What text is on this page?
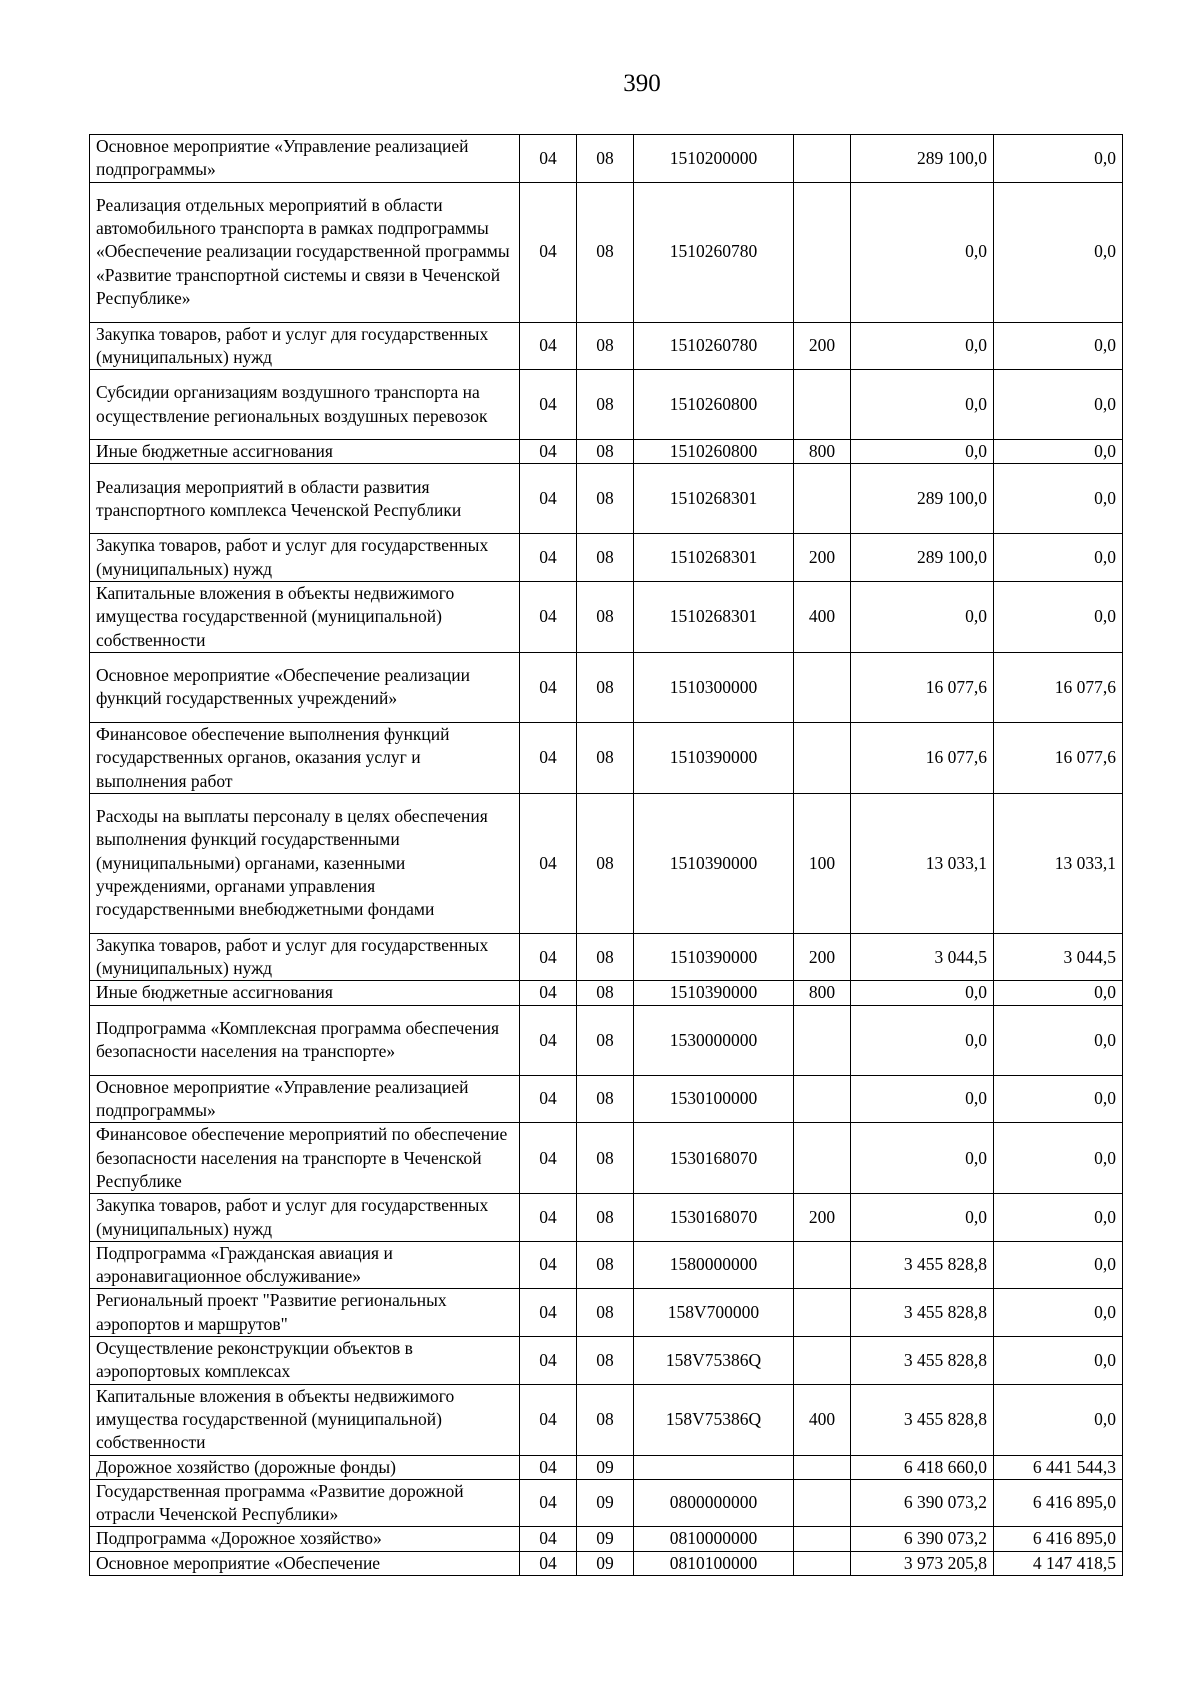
390
Основное мероприятие «Управление реализацией подпрограммы»	04	08	1510200000		289 100,0	0,0
Реализация отдельных мероприятий в области автомобильного транспорта в рамках подпрограммы «Обеспечение реализации государственной программы «Развитие транспортной системы и связи в Чеченской Республике»	04	08	1510260780		0,0	0,0
Закупка товаров, работ и услуг для государственных (муниципальных) нужд	04	08	1510260780	200	0,0	0,0
Субсидии организациям воздушного транспорта на осуществление региональных воздушных перевозок	04	08	1510260800		0,0	0,0
Иные бюджетные ассигнования	04	08	1510260800	800	0,0	0,0
Реализация мероприятий в области развития транспортного комплекса Чеченской Республики	04	08	1510268301		289 100,0	0,0
Закупка товаров, работ и услуг для государственных (муниципальных) нужд	04	08	1510268301	200	289 100,0	0,0
Капитальные вложения в объекты недвижимого имущества государственной (муниципальной) собственности	04	08	1510268301	400	0,0	0,0
Основное мероприятие «Обеспечение реализации функций государственных учреждений»	04	08	1510300000		16 077,6	16 077,6
Финансовое обеспечение выполнения функций государственных органов, оказания услуг и выполнения работ	04	08	1510390000		16 077,6	16 077,6
Расходы на выплаты персоналу в целях обеспечения выполнения функций государственными (муниципальными) органами, казенными учреждениями, органами управления государственными внебюджетными фондами	04	08	1510390000	100	13 033,1	13 033,1
Закупка товаров, работ и услуг для государственных (муниципальных) нужд	04	08	1510390000	200	3 044,5	3 044,5
Иные бюджетные ассигнования	04	08	1510390000	800	0,0	0,0
Подпрограмма «Комплексная программа обеспечения безопасности населения на транспорте»	04	08	1530000000		0,0	0,0
Основное мероприятие «Управление реализацией подпрограммы»	04	08	1530100000		0,0	0,0
Финансовое обеспечение мероприятий по обеспечение безопасности населения на транспорте в Чеченской Республике	04	08	1530168070		0,0	0,0
Закупка товаров, работ и услуг для государственных (муниципальных) нужд	04	08	1530168070	200	0,0	0,0
Подпрограмма «Гражданская авиация и аэронавигационное обслуживание»	04	08	1580000000		3 455 828,8	0,0
Региональный проект "Развитие региональных аэропортов и маршрутов"	04	08	158V700000		3 455 828,8	0,0
Осуществление реконструкции объектов в аэропортовых комплексах	04	08	158V75386Q		3 455 828,8	0,0
Капитальные вложения в объекты недвижимого имущества государственной (муниципальной) собственности	04	08	158V75386Q	400	3 455 828,8	0,0
Дорожное хозяйство (дорожные фонды)	04	09			6 418 660,0	6 441 544,3
Государственная программа «Развитие дорожной отрасли Чеченской Республики»	04	09	0800000000		6 390 073,2	6 416 895,0
Подпрограмма «Дорожное хозяйство»	04	09	0810000000		6 390 073,2	6 416 895,0
Основное мероприятие «Обеспечение	04	09	0810100000		3 973 205,8	4 147 418,5
